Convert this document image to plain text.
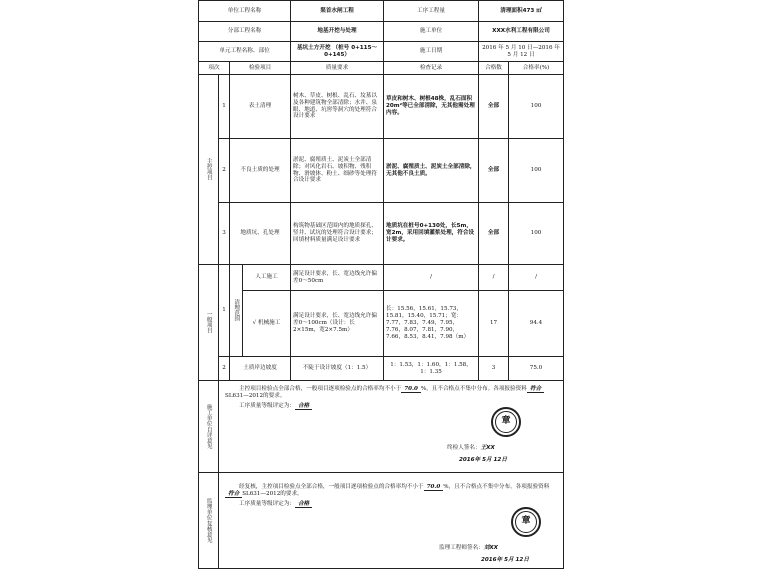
单位工程名称				渠首水闸工程	工序工程量	清理面积473 ㎡	
分部工程名称				地基开挖与处理	施工单位	XXX水利工程有限公司	
单元工程名称、部位				基坑土方开挖 （桩号 0+115～0+145）	施工日期	2016 年 5 月 10 日—2016 年 5 月 12 日	
项次		检验项目		质量要求	检查记录	合格数	合格率(%)
主控项目	1	表土清理		树木、草皮、树根、乱石、坟墓以及各种建筑物全部清除；水井、泉眼、地道、坑窖等洞穴的处理符合设计要求	草皮和树木、树根48株，乱石面积20m²等已全部清除，无其他需处理内容。	全部	100
	2	不良土质的处理		淤泥、腐殖质土、泥炭土全部清除；对风化岩石、坡积物、残积物、滑坡体、粉土、细砂等处理符合设计要求	淤泥、腐殖质土、泥炭土全部清除，无其他不良土质。	全部	100
	3	地质坑、孔处理		构筑物基础区范围内的地质探孔、竖井、试坑的处理符合设计要求；回填材料质量满足设计要求	地质坑在桩号0+130处，长5m，宽2m，采用回填灌浆处理，符合设计要求。	全部	100
一般项目	1	清理范围	人工施工	满足设计要求，长、宽边线允许偏差0～50cm	/	/	/
			√ 机械施工	满足设计要求，长、宽边线允许偏差0～100cm（设计：长2×15m，宽2×7.5m）	长：15.56，15.61，15.73，15.81，15.40，15.71；宽：7.77，7.83，7.49，7.95，7.76，8.07，7.81，7.90，7.66，8.53，8.41，7.98（m）	17	94.4
	2	土质岸边坡度		不陡于设计坡度（1：1.5）	1：1.53，1：1.60，1：1.58，1：1.35	3	75.0
施工单位自评意见	主控项目检验点全部合格，一般项目逐项检验点的合格率均不小于 70.0 %，且不合格点不集中分布。各项报验资料 符合SL631—2012的要求。
工序质量等级评定为： 合格
章
终检人签名：王XX
2016年 5月 12日						

监理单位复核意见	经复核，主控项目检验点全部合格，一般项目逐项检验点的合格率均不小于 70.0 %，且不合格点不集中分布。各项报验资料符合 SL631—2012的要求。
工序质量等级评定为： 合格
章
监理工程师签名：刘XX
2016年 5月 12日						
